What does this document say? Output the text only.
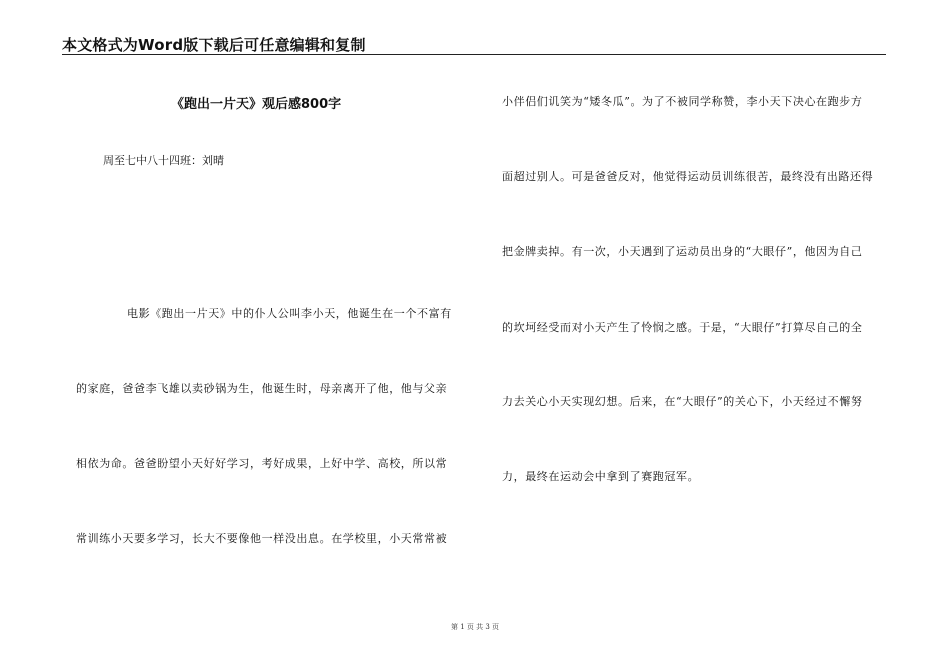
本文格式为Word版下载后可任意编辑和复制
《跑出一片天》观后感800字
周至七中八十四班：刘晴
电影《跑出一片天》中的仆人公叫李小天，他诞生在一个不富有
的家庭，爸爸李飞雄以卖砂锅为生，他诞生时，母亲离开了他，他与父亲
相依为命。爸爸盼望小天好好学习，考好成果，上好中学、高校，所以常
常训练小天要多学习，长大不要像他一样没出息。在学校里，小天常常被
小伴侣们讥笑为“矮冬瓜”。为了不被同学称赞，李小天下决心在跑步方
面超过别人。可是爸爸反对，他觉得运动员训练很苦，最终没有出路还得
把金牌卖掉。有一次，小天遇到了运动员出身的“大眼仔”，他因为自己
的坎坷经受而对小天产生了怜悯之感。于是，“大眼仔”打算尽自己的全
力去关心小天实现幻想。后来，在“大眼仔”的关心下，小天经过不懈努
力，最终在运动会中拿到了赛跑冠军。
第 1 页 共 3 页
